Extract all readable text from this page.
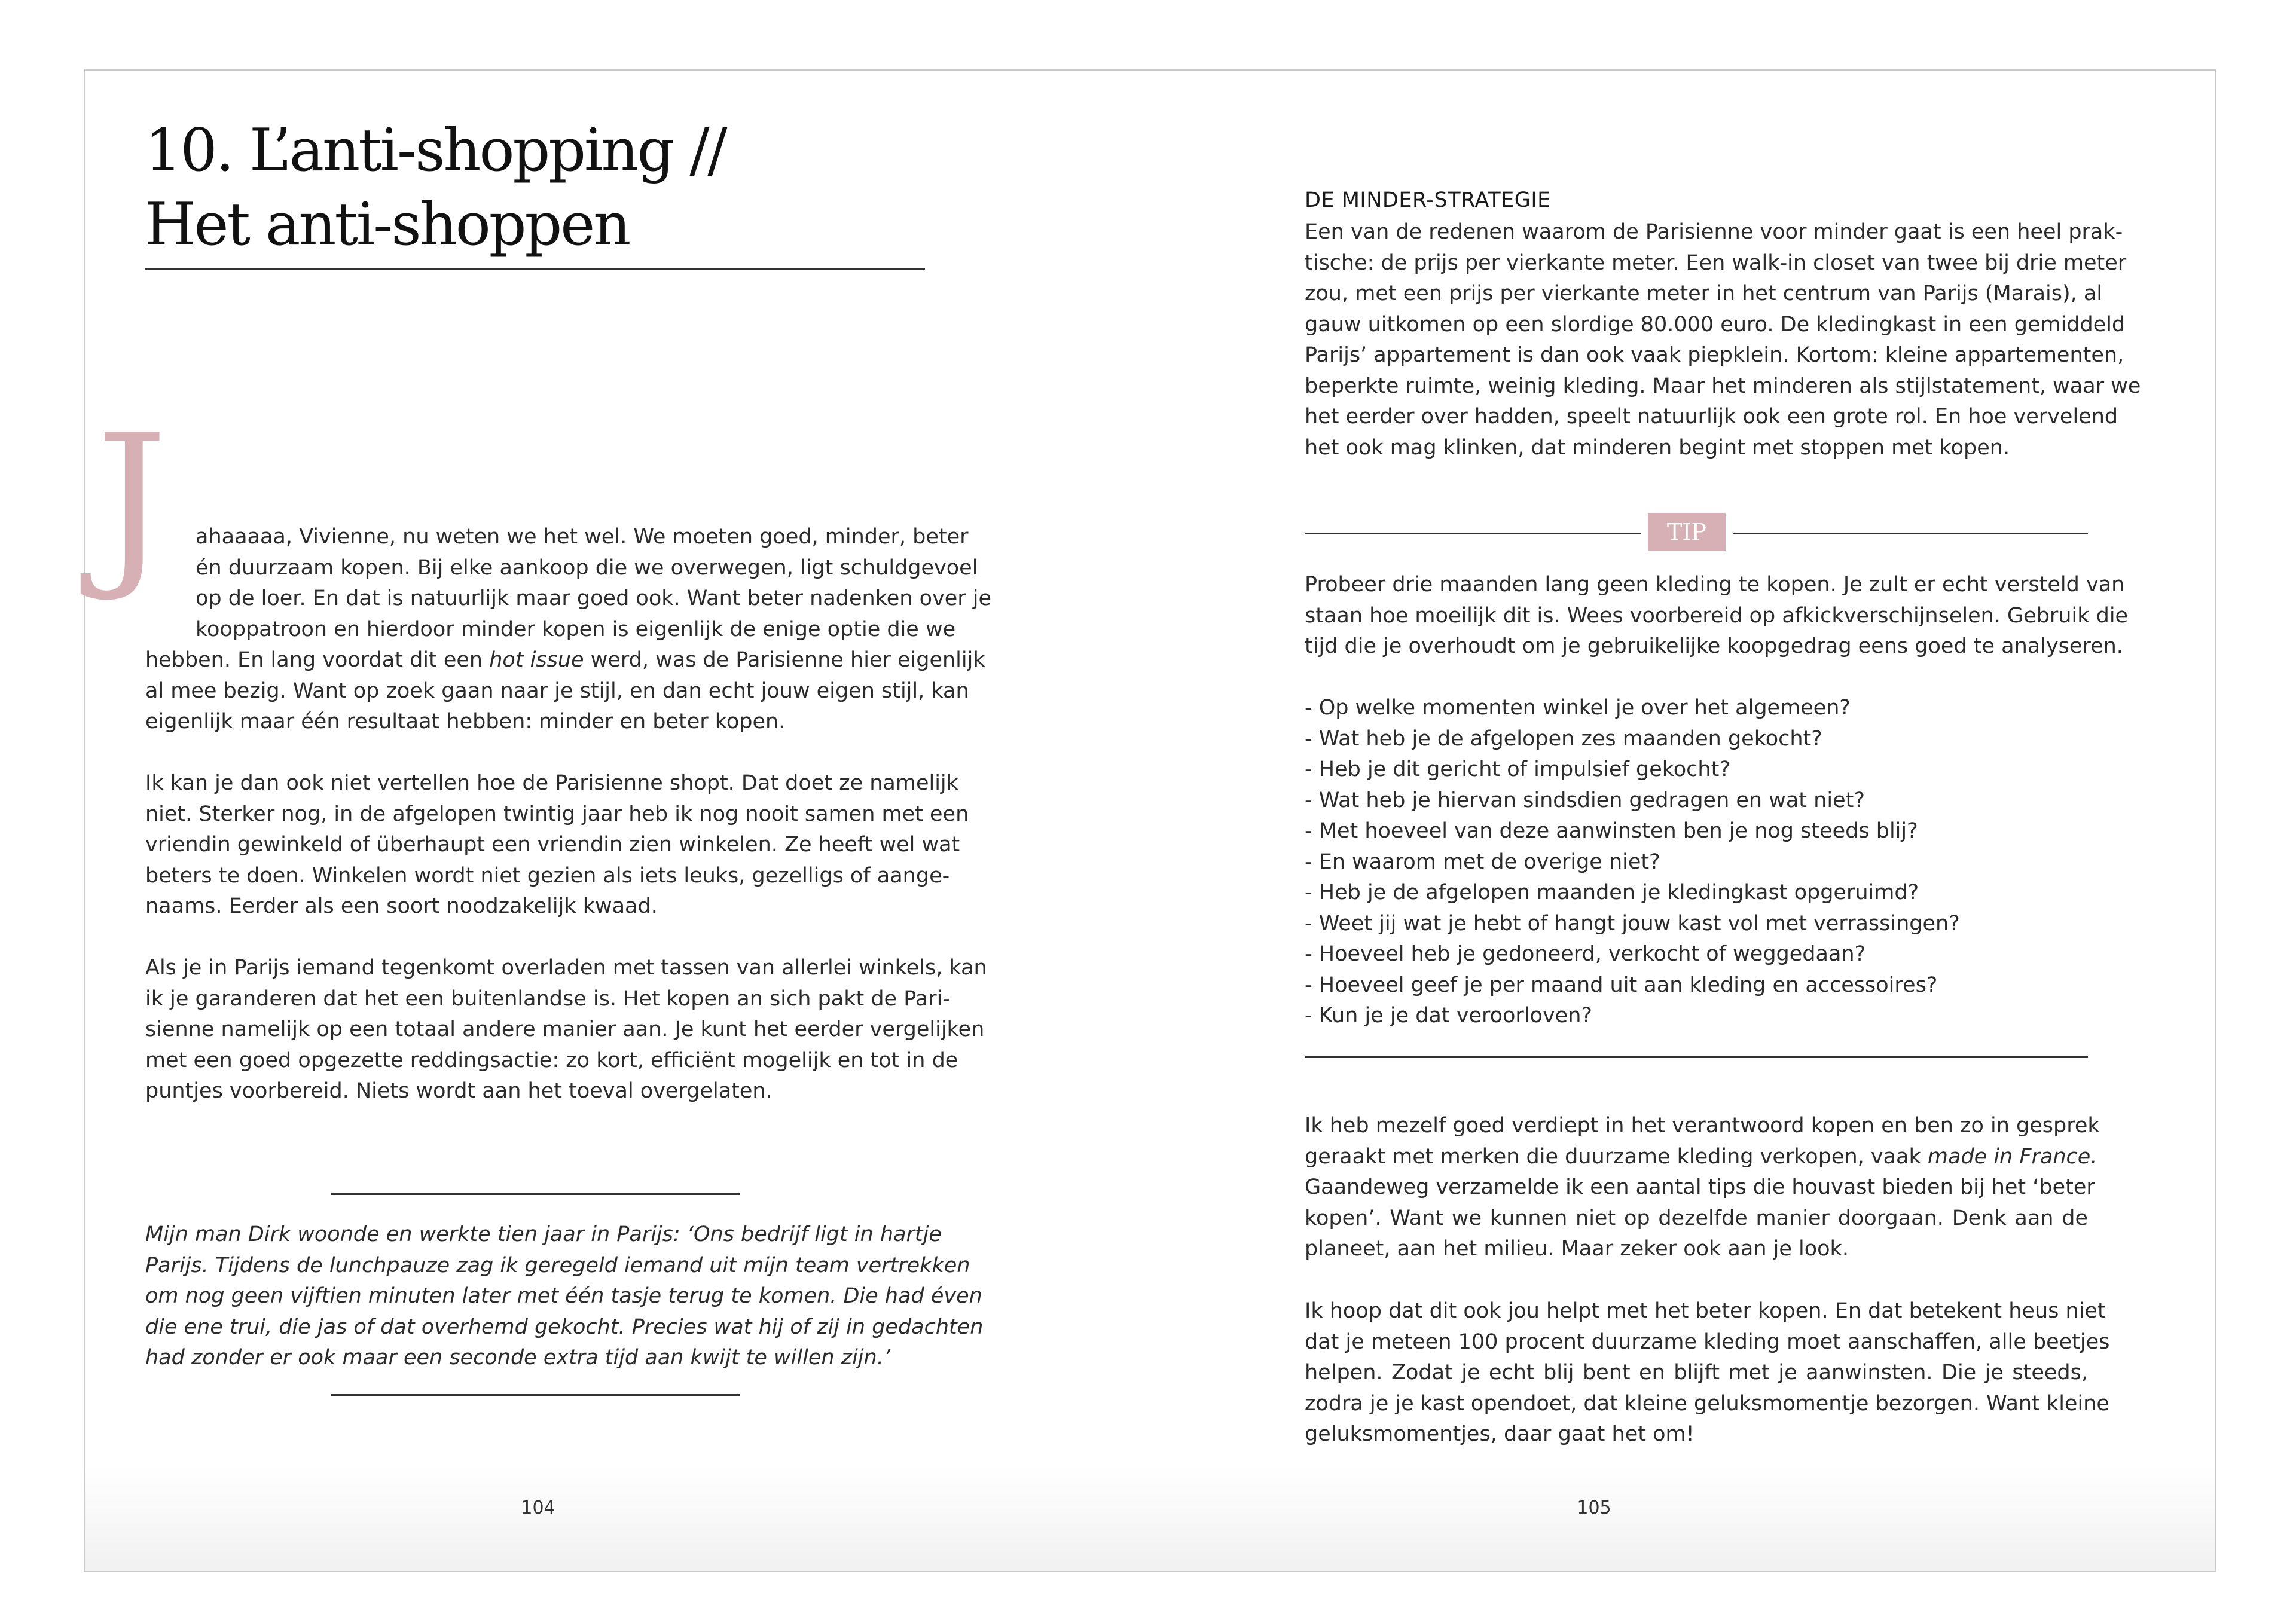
10. L’anti-shopping //
Het anti-shoppen
J	ahaaaaa, Vivienne, nu weten we het wel. We moeten goed, minder, beter
én duurzaam kopen. Bij elke aankoop die we overwegen, ligt schuldgevoel
op de loer. En dat is natuurlijk maar goed ook. Want beter nadenken over je
kooppatroon en hierdoor minder kopen is eigenlijk de enige optie die we
hebben. En lang voordat dit een hot issue werd, was de Parisienne hier eigenlijk
al mee bezig. Want op zoek gaan naar je stijl, en dan echt jouw eigen stijl, kan
eigenlijk maar één resultaat hebben: minder en beter kopen.
Ik kan je dan ook niet vertellen hoe de Parisienne shopt. Dat doet ze namelijk
niet. Sterker nog, in de afgelopen twintig jaar heb ik nog nooit samen met een
vriendin gewinkeld of überhaupt een vriendin zien winkelen. Ze heeft wel wat
beters te doen. Winkelen wordt niet gezien als iets leuks, gezelligs of aange-
naams. Eerder als een soort noodzakelijk kwaad.
Als je in Parijs iemand tegenkomt overladen met tassen van allerlei winkels, kan
ik je garanderen dat het een buitenlandse is. Het kopen an sich pakt de Pari-
sienne namelijk op een totaal andere manier aan. Je kunt het eerder vergelijken
met een goed opgezette reddingsactie: zo kort, efficiënt mogelijk en tot in de
puntjes voorbereid. Niets wordt aan het toeval overgelaten.
Mijn man Dirk woonde en werkte tien jaar in Parijs: ‘Ons bedrijf ligt in hartje
Parijs. Tijdens de lunchpauze zag ik geregeld iemand uit mijn team vertrekken
om nog geen vijftien minuten later met één tasje terug te komen. Die had éven
die ene trui, die jas of dat overhemd gekocht. Precies wat hij of zij in gedachten
had zonder er ook maar een seconde extra tijd aan kwijt te willen zijn.’
104
DE MINDER-STRATEGIE
Een van de redenen waarom de Parisienne voor minder gaat is een heel prak-
tische: de prijs per vierkante meter. Een walk-in closet van twee bij drie meter
zou, met een prijs per vierkante meter in het centrum van Parijs (Marais), al
gauw uitkomen op een slordige 80.000 euro. De kledingkast in een gemiddeld
Parijs’ appartement is dan ook vaak piepklein. Kortom: kleine appartementen,
beperkte ruimte, weinig kleding. Maar het minderen als stijlstatement, waar we
het eerder over hadden, speelt natuurlijk ook een grote rol. En hoe vervelend
het ook mag klinken, dat minderen begint met stoppen met kopen.
TIP
Probeer drie maanden lang geen kleding te kopen. Je zult er echt versteld van
staan hoe moeilijk dit is. Wees voorbereid op afkickverschijnselen. Gebruik die
tijd die je overhoudt om je gebruikelijke koopgedrag eens goed te analyseren.
- Op welke momenten winkel je over het algemeen?
- Wat heb je de afgelopen zes maanden gekocht?
- Heb je dit gericht of impulsief gekocht?
- Wat heb je hiervan sindsdien gedragen en wat niet?
- Met hoeveel van deze aanwinsten ben je nog steeds blij?
- En waarom met de overige niet?
- Heb je de afgelopen maanden je kledingkast opgeruimd?
- Weet jij wat je hebt of hangt jouw kast vol met verrassingen?
- Hoeveel heb je gedoneerd, verkocht of weggedaan?
- Hoeveel geef je per maand uit aan kleding en accessoires?
- Kun je je dat veroorloven?
Ik heb mezelf goed verdiept in het verantwoord kopen en ben zo in gesprek
geraakt met merken die duurzame kleding verkopen, vaak made in France.
Gaandeweg verzamelde ik een aantal tips die houvast bieden bij het ‘beter
kopen’. Want we kunnen niet op dezelfde manier doorgaan. Denk aan de
planeet, aan het milieu. Maar zeker ook aan je look.
Ik hoop dat dit ook jou helpt met het beter kopen. En dat betekent heus niet
dat je meteen 100 procent duurzame kleding moet aanschaffen, alle beetjes
helpen. Zodat je echt blij bent en blijft met je aanwinsten. Die je steeds,
zodra je je kast opendoet, dat kleine geluksmomentje bezorgen. Want kleine
geluksmomentjes, daar gaat het om!
105
